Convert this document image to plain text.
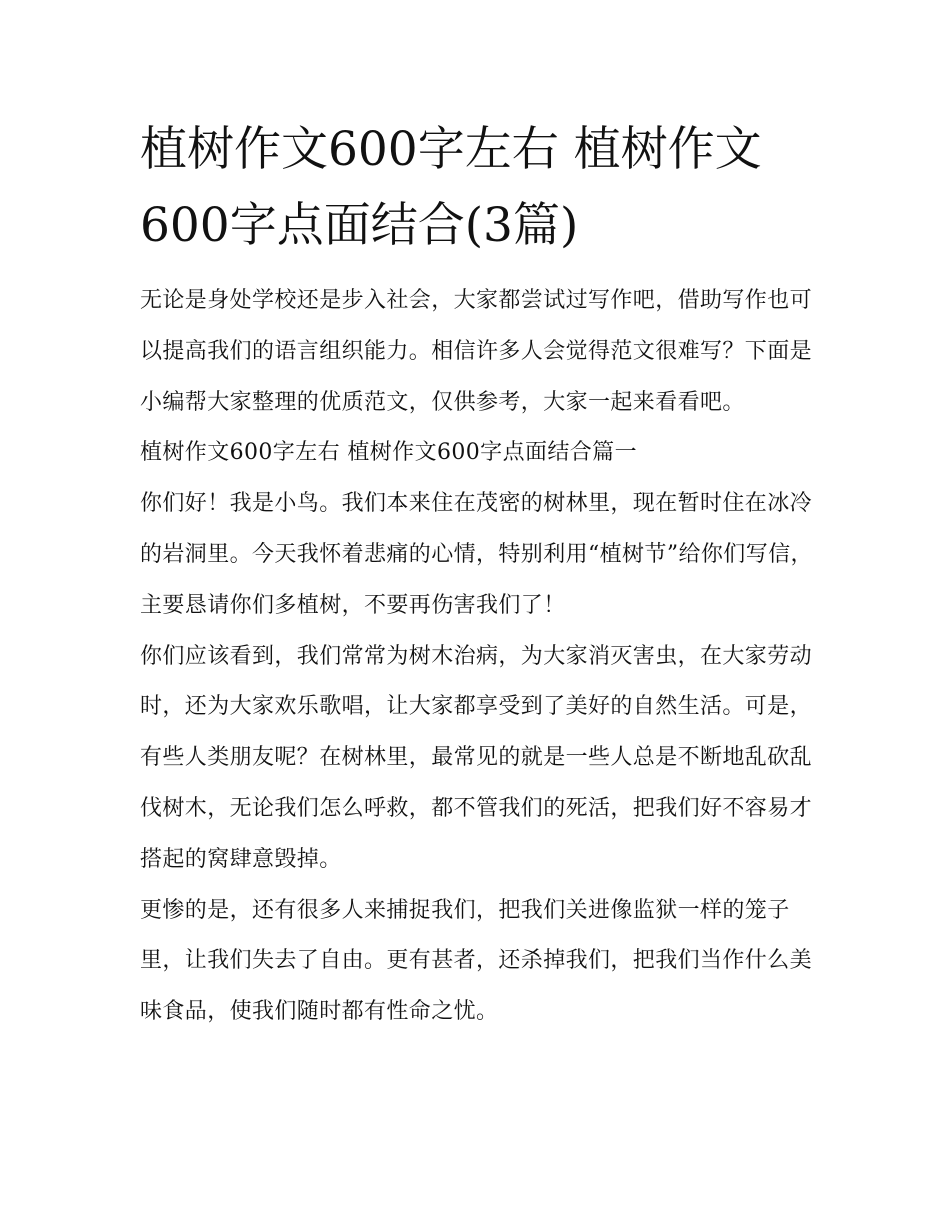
植树作文600字左右 植树作文600字点面结合(3篇)

无论是身处学校还是步入社会，大家都尝试过写作吧，借助写作也可以提高我们的语言组织能力。相信许多人会觉得范文很难写？下面是小编帮大家整理的优质范文，仅供参考，大家一起来看看吧。

植树作文600字左右 植树作文600字点面结合篇一

你们好！我是小鸟。我们本来住在茂密的树林里，现在暂时住在冰冷的岩洞里。今天我怀着悲痛的心情，特别利用“植树节”给你们写信，主要恳请你们多植树，不要再伤害我们了！

你们应该看到，我们常常为树木治病，为大家消灭害虫，在大家劳动时，还为大家欢乐歌唱，让大家都享受到了美好的自然生活。可是，有些人类朋友呢？在树林里，最常见的就是一些人总是不断地乱砍乱伐树木，无论我们怎么呼救，都不管我们的死活，把我们好不容易才搭起的窝肆意毁掉。

更惨的是，还有很多人来捕捉我们，把我们关进像监狱一样的笼子里，让我们失去了自由。更有甚者，还杀掉我们，把我们当作什么美味食品，使我们随时都有性命之忧。
